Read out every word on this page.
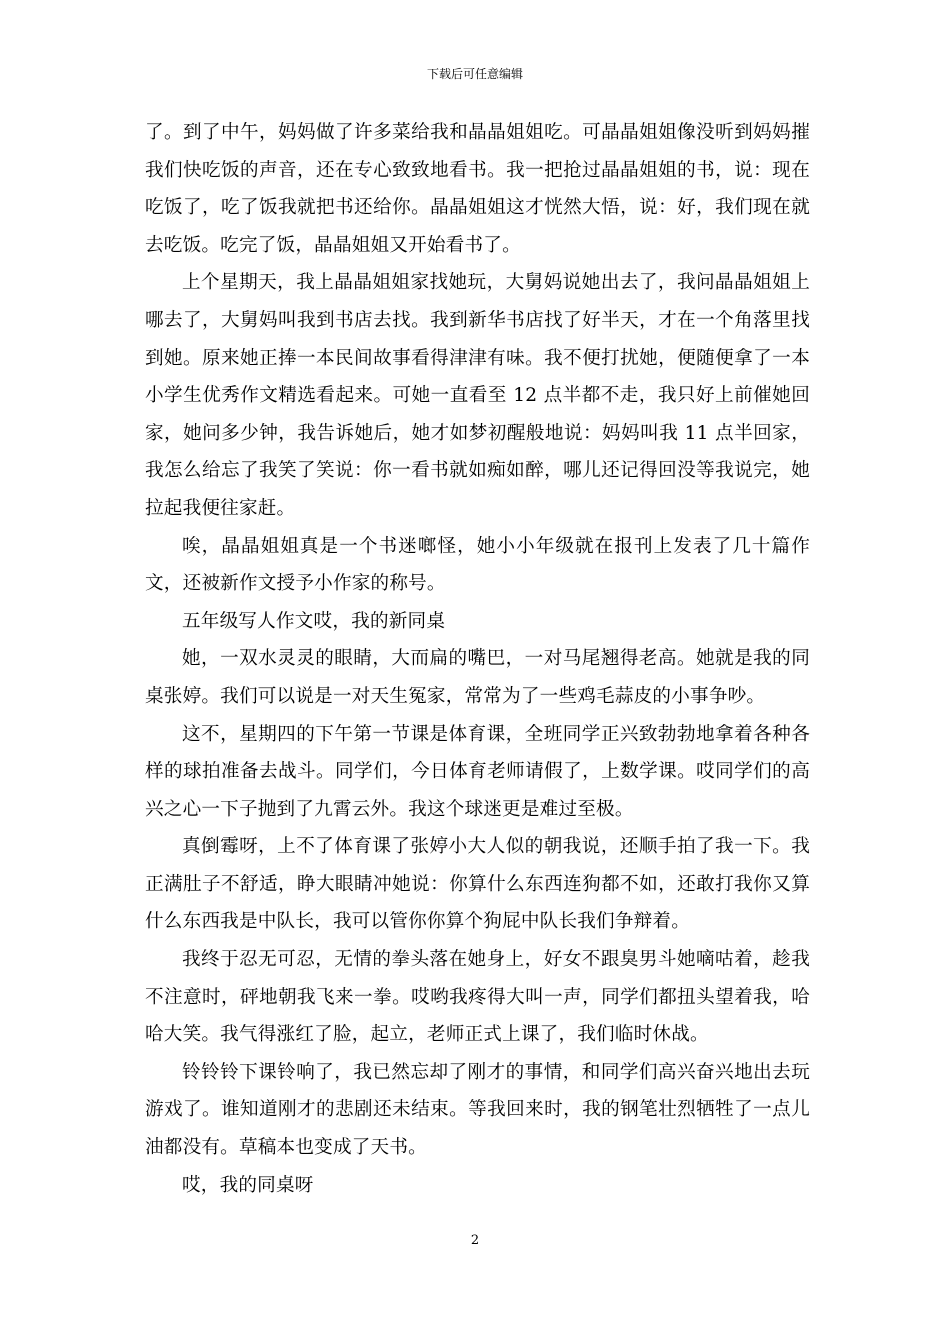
下载后可任意编辑

了。到了中午，妈妈做了许多菜给我和晶晶姐姐吃。可晶晶姐姐像没听到妈妈摧我们快吃饭的声音，还在专心致致地看书。我一把抢过晶晶姐姐的书，说：现在吃饭了，吃了饭我就把书还给你。晶晶姐姐这才恍然大悟，说：好，我们现在就去吃饭。吃完了饭，晶晶姐姐又开始看书了。

上个星期天，我上晶晶姐姐家找她玩，大舅妈说她出去了，我问晶晶姐姐上哪去了，大舅妈叫我到书店去找。我到新华书店找了好半天，才在一个角落里找到她。原来她正捧一本民间故事看得津津有味。我不便打扰她，便随便拿了一本小学生优秀作文精选看起来。可她一直看至 12 点半都不走，我只好上前催她回家，她问多少钟，我告诉她后，她才如梦初醒般地说：妈妈叫我 11 点半回家，我怎么给忘了我笑了笑说：你一看书就如痴如醉，哪儿还记得回没等我说完，她拉起我便往家赶。

唉，晶晶姐姐真是一个书迷啷怪，她小小年级就在报刊上发表了几十篇作文，还被新作文授予小作家的称号。

五年级写人作文哎，我的新同桌

她，一双水灵灵的眼睛，大而扁的嘴巴，一对马尾翘得老高。她就是我的同桌张婷。我们可以说是一对天生冤家，常常为了一些鸡毛蒜皮的小事争吵。

这不，星期四的下午第一节课是体育课，全班同学正兴致勃勃地拿着各种各样的球拍准备去战斗。同学们，今日体育老师请假了，上数学课。哎同学们的高兴之心一下子抛到了九霄云外。我这个球迷更是难过至极。

真倒霉呀，上不了体育课了张婷小大人似的朝我说，还顺手拍了我一下。我正满肚子不舒适，睁大眼睛冲她说：你算什么东西连狗都不如，还敢打我你又算什么东西我是中队长，我可以管你你算个狗屁中队长我们争辩着。

我终于忍无可忍，无情的拳头落在她身上，好女不跟臭男斗她嘀咕着，趁我不注意时，砰地朝我飞来一拳。哎哟我疼得大叫一声，同学们都扭头望着我，哈哈大笑。我气得涨红了脸，起立，老师正式上课了，我们临时休战。

铃铃铃下课铃响了，我已然忘却了刚才的事情，和同学们高兴奋兴地出去玩游戏了。谁知道刚才的悲剧还未结束。等我回来时，我的钢笔壮烈牺牲了一点儿油都没有。草稿本也变成了天书。

哎，我的同桌呀

2
